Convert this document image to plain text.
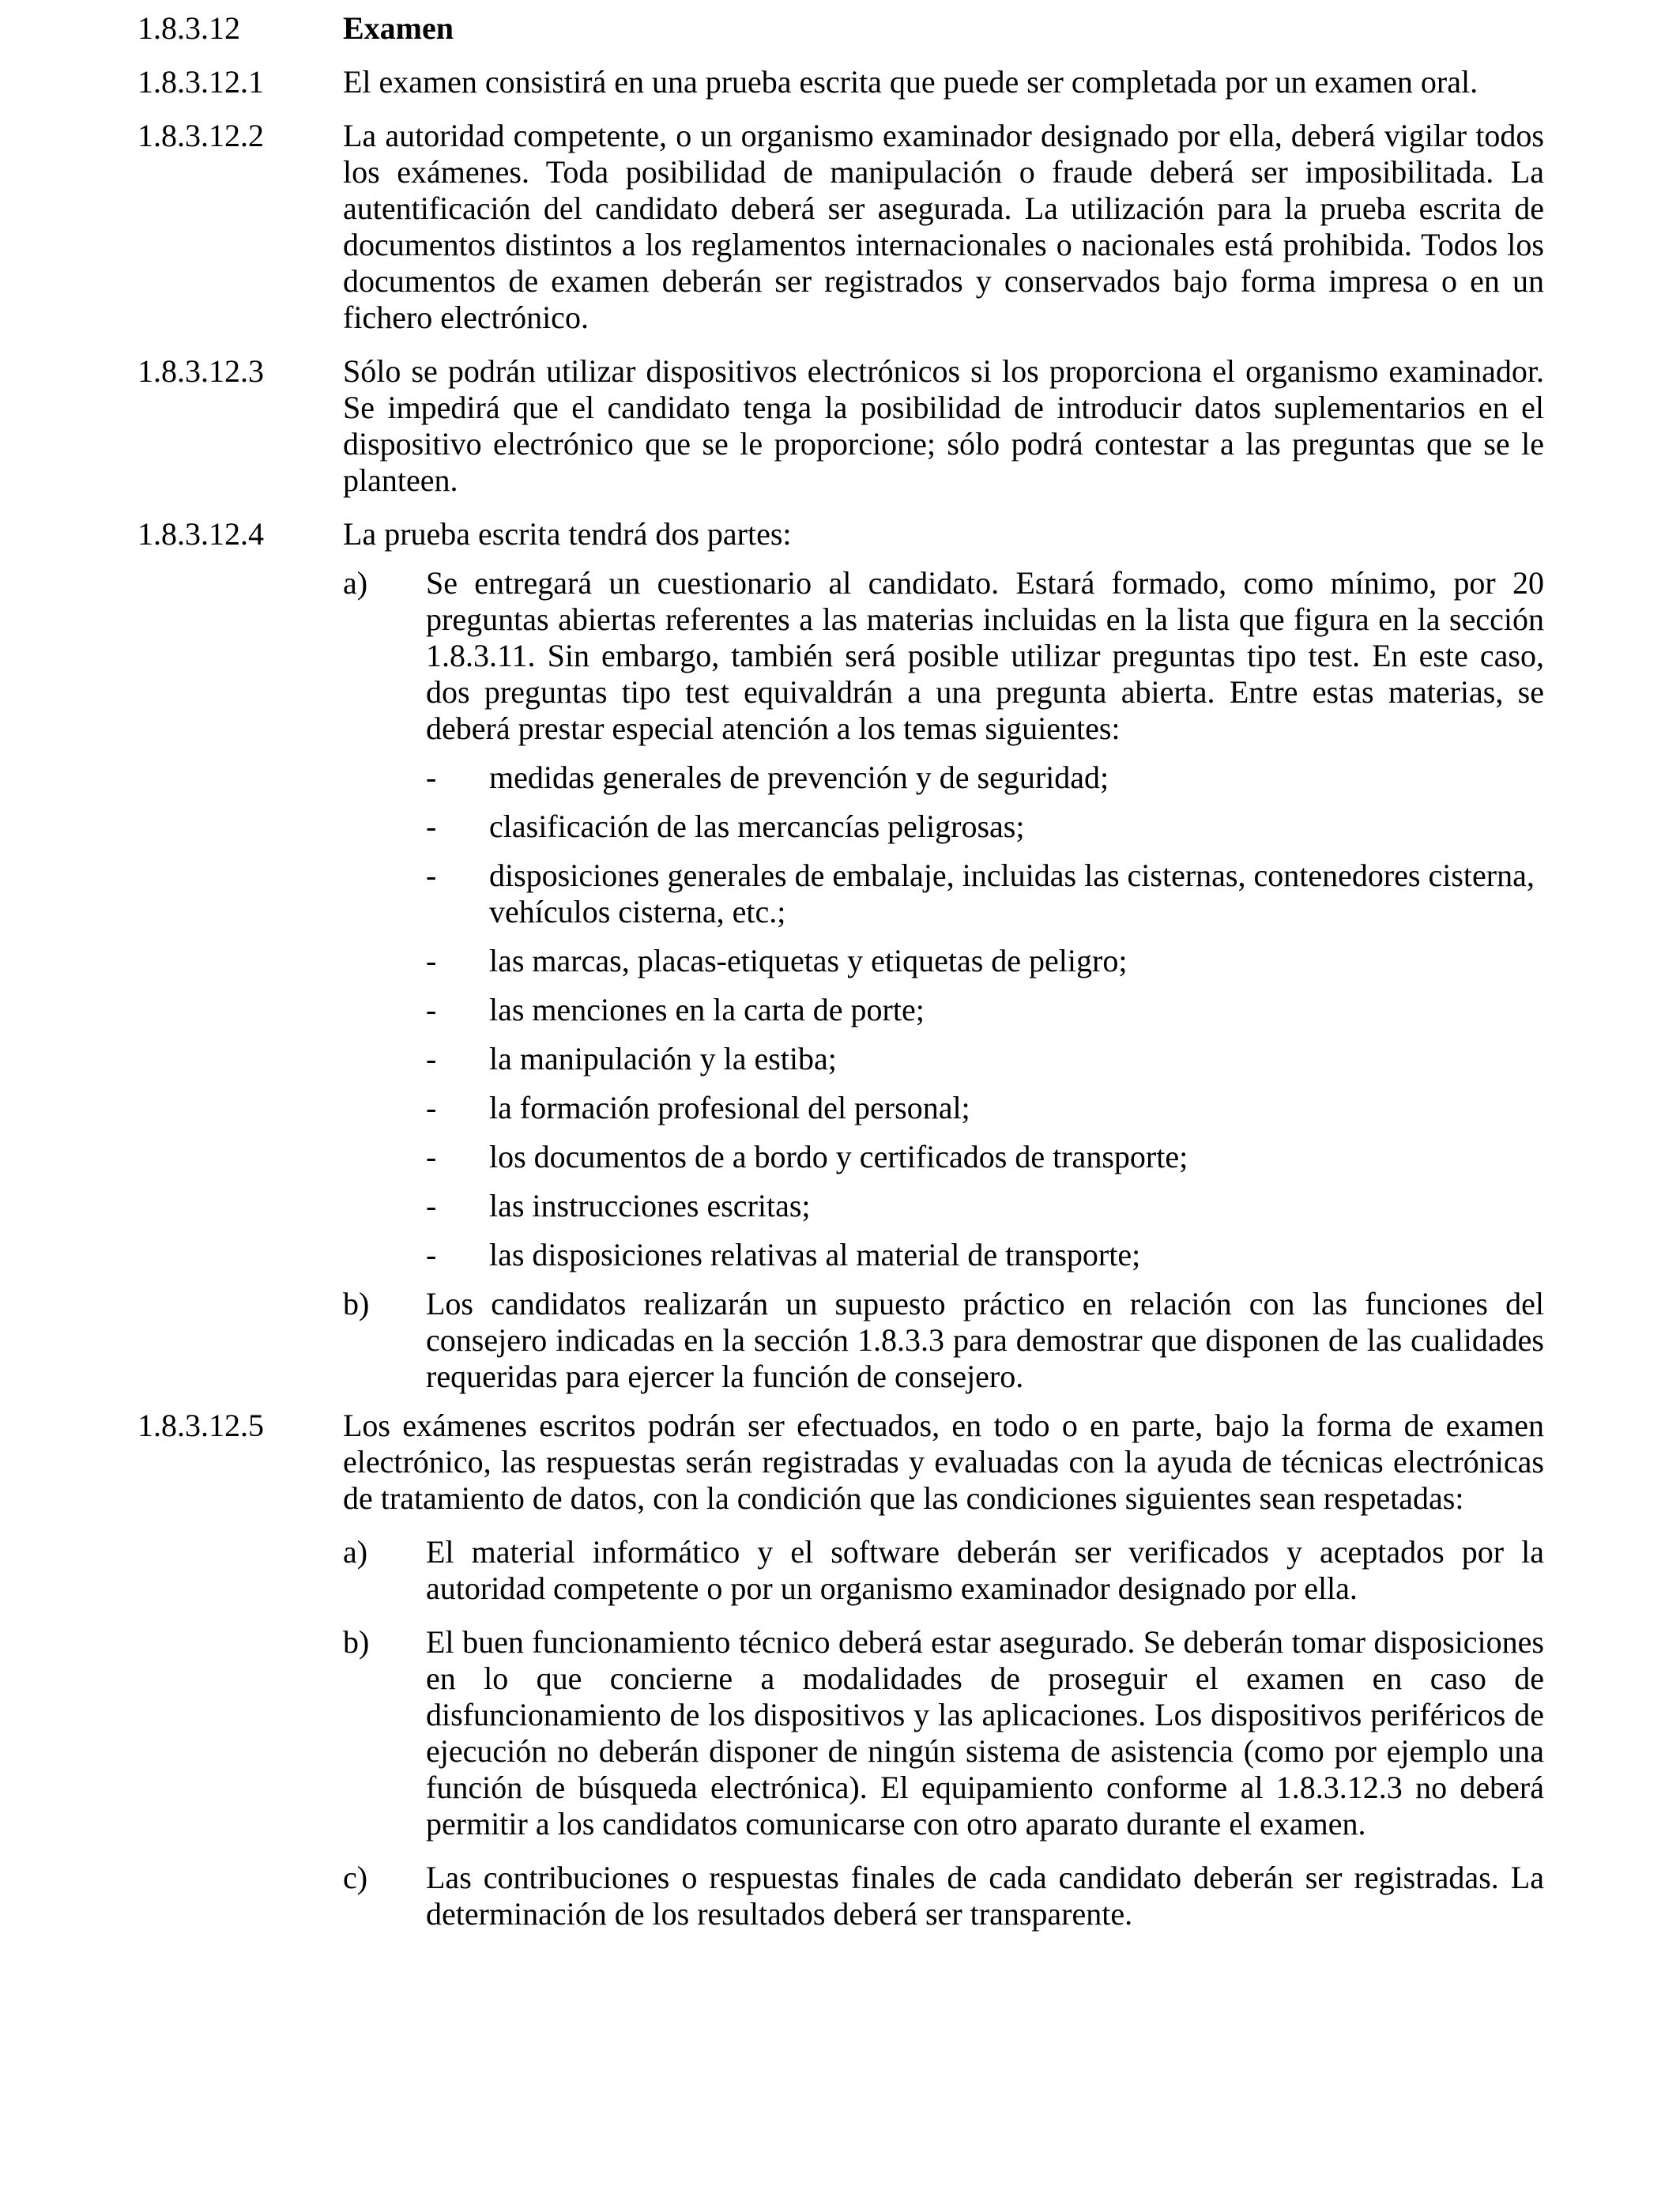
1.8.3.12	Examen
1.8.3.12.1	El examen consistirá en una prueba escrita que puede ser completada por un examen oral.
1.8.3.12.2	La autoridad competente, o un organismo examinador designado por ella, deberá vigilar todos los exámenes. Toda posibilidad de manipulación o fraude deberá ser imposibilitada. La autentificación del candidato deberá ser asegurada. La utilización para la prueba escrita de documentos distintos a los reglamentos internacionales o nacionales está prohibida. Todos los documentos de examen deberán ser registrados y conservados bajo forma impresa o en un fichero electrónico.
1.8.3.12.3	Sólo se podrán utilizar dispositivos electrónicos si los proporciona el organismo examinador. Se impedirá que el candidato tenga la posibilidad de introducir datos suplementarios en el dispositivo electrónico que se le proporcione; sólo podrá contestar a las preguntas que se le planteen.
1.8.3.12.4	La prueba escrita tendrá dos partes:
a)	Se entregará un cuestionario al candidato. Estará formado, como mínimo, por 20 preguntas abiertas referentes a las materias incluidas en la lista que figura en la sección 1.8.3.11. Sin embargo, también será posible utilizar preguntas tipo test. En este caso, dos preguntas tipo test equivaldrán a una pregunta abierta. Entre estas materias, se deberá prestar especial atención a los temas siguientes:
-	medidas generales de prevención y de seguridad;
-	clasificación de las mercancías peligrosas;
-	disposiciones generales de embalaje, incluidas las cisternas, contenedores cisterna, vehículos cisterna, etc.;
-	las marcas, placas-etiquetas y etiquetas de peligro;
-	las menciones en la carta de porte;
-	la manipulación y la estiba;
-	la formación profesional del personal;
-	los documentos de a bordo y certificados de transporte;
-	las instrucciones escritas;
-	las disposiciones relativas al material de transporte;
b)	Los candidatos realizarán un supuesto práctico en relación con las funciones del consejero indicadas en la sección 1.8.3.3 para demostrar que disponen de las cualidades requeridas para ejercer la función de consejero.
1.8.3.12.5	Los exámenes escritos podrán ser efectuados, en todo o en parte, bajo la forma de examen electrónico, las respuestas serán registradas y evaluadas con la ayuda de técnicas electrónicas de tratamiento de datos, con la condición que las condiciones siguientes sean respetadas:
a)	El material informático y el software deberán ser verificados y aceptados por la autoridad competente o por un organismo examinador designado por ella.
b)	El buen funcionamiento técnico deberá estar asegurado. Se deberán tomar disposiciones en lo que concierne a modalidades de proseguir el examen en caso de disfuncionamiento de los dispositivos y las aplicaciones. Los dispositivos periféricos de ejecución no deberán disponer de ningún sistema de asistencia (como por ejemplo una función de búsqueda electrónica). El equipamiento conforme al 1.8.3.12.3 no deberá permitir a los candidatos comunicarse con otro aparato durante el examen.
c)	Las contribuciones o respuestas finales de cada candidato deberán ser registradas. La determinación de los resultados deberá ser transparente.
